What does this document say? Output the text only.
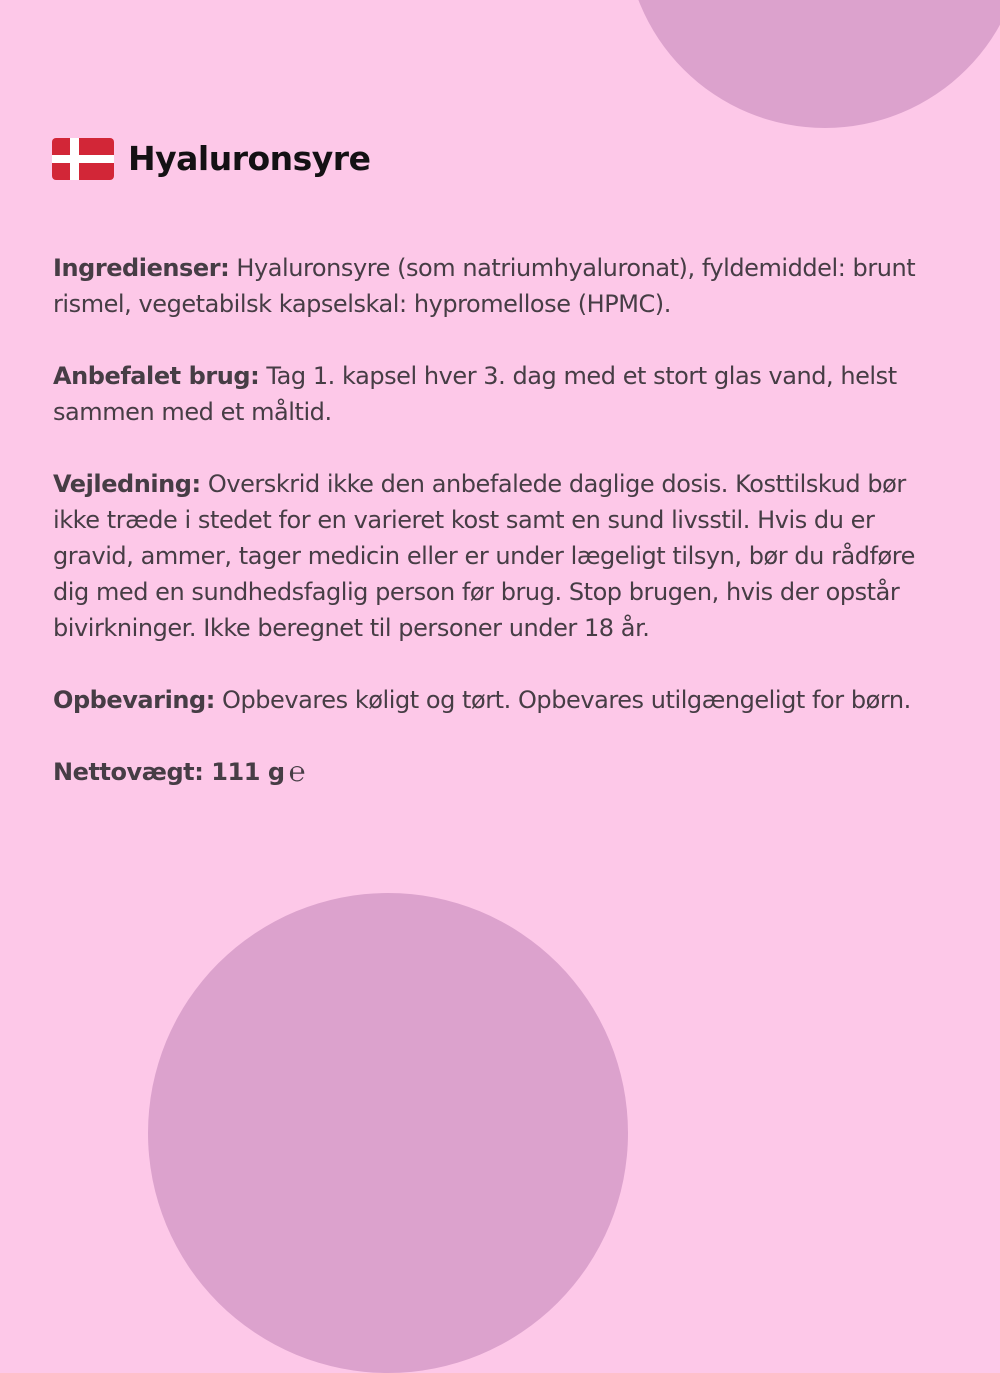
Hyaluronsyre

Ingredienser: Hyaluronsyre (som natriumhyaluronat), fyldemiddel: brunt rismel, vegetabilsk kapselskal: hypromellose (HPMC).

Anbefalet brug: Tag 1. kapsel hver 3. dag med et stort glas vand, helst sammen med et måltid.

Vejledning: Overskrid ikke den anbefalede daglige dosis. Kosttilskud bør ikke træde i stedet for en varieret kost samt en sund livsstil. Hvis du er gravid, ammer, tager medicin eller er under lægeligt tilsyn, bør du rådføre dig med en sundhedsfaglig person før brug. Stop brugen, hvis der opstår bivirkninger. Ikke beregnet til personer under 18 år.

Opbevaring: Opbevares køligt og tørt. Opbevares utilgængeligt for børn.

Nettovægt: 111 g ℮
